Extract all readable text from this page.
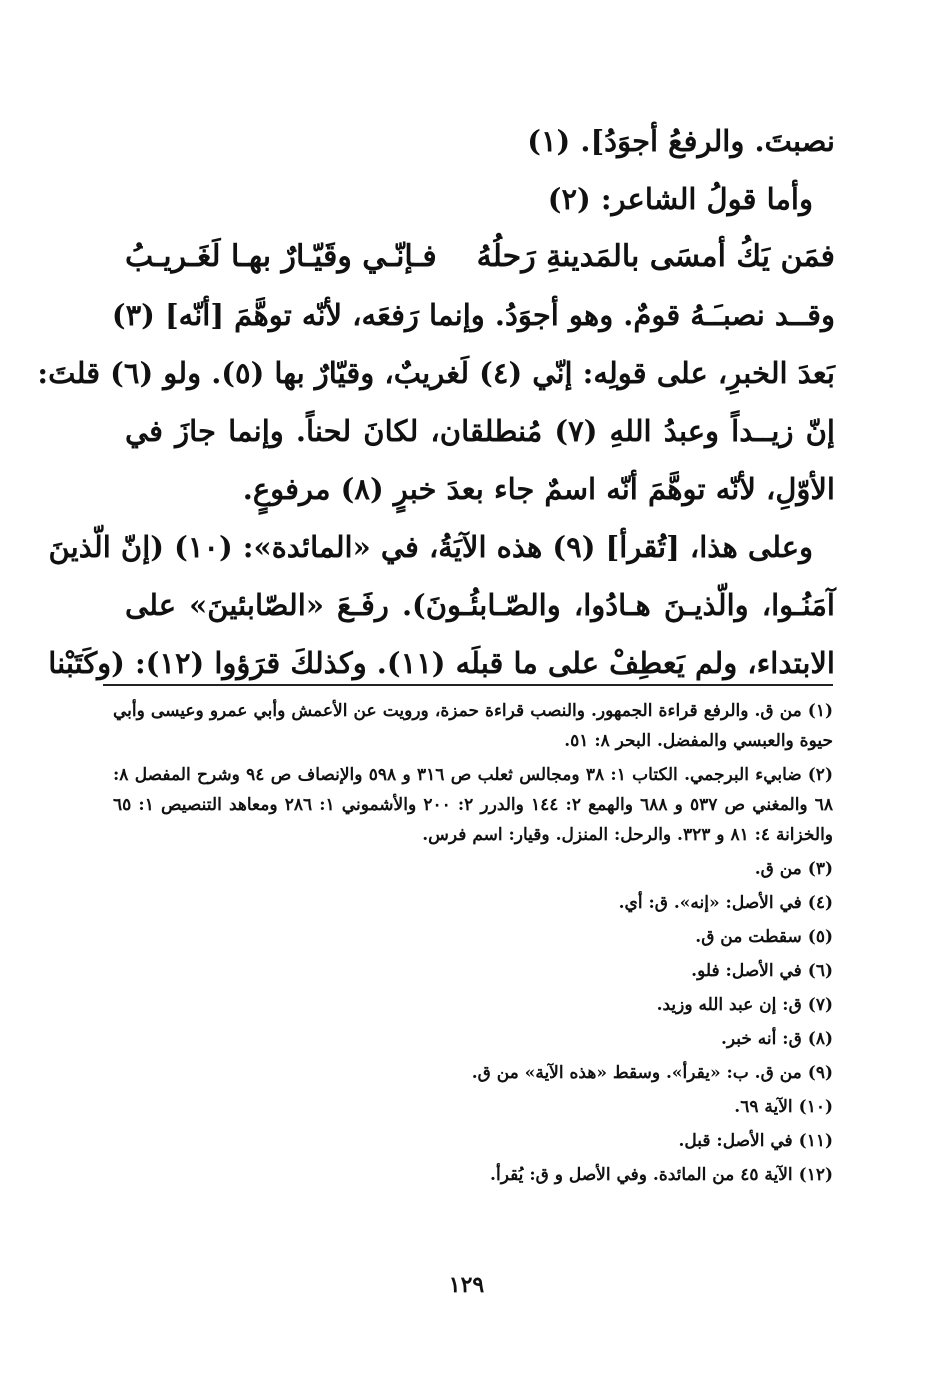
نصبتَ. والرفعُ أجوَدُ]. (١)
وأما قولُ الشاعر: (٢)
فمَن يَكُ أمسَى بالمَدينةِ رَحلُهُ
فـإنّـي وقَيّـارٌ بهـا لَغَـريـبُ
وقــد نصبـَـهُ قومٌ. وهو أجوَدُ. وإنما رَفعَه، لأنّه توهَّمَ [أنّه] (٣)
بَعدَ الخبرِ، على قولِه: إنّي (٤) لَغريبٌ، وقيّارٌ بها (٥). ولو (٦) قلتَ:
إنّ زيــداً وعبدُ اللهِ (٧) مُنطلقان، لكانَ لحناً. وإنما جازَ في
الأوّلِ، لأنّه توهَّمَ أنّه اسمٌ جاء بعدَ خبرٍ (٨) مرفوعٍ.
وعلى هذا، [تُقرأ] (٩) هذه الآيَةُ، في «المائدة»: (١٠) (إنّ الّذينَ
آمَنُـوا، والّذيـنَ هـادُوا، والصّـابئُـونَ). رفَـعَ «الصّابئينَ» على
الابتداء، ولم يَعطِفْ على ما قبلَه (١١). وكذلكَ قرَؤوا (١٢): (وكَتَبْنا
(١)من ق. والرفع قراءة الجمهور. والنصب قراءة حمزة، ورويت عن الأعمش وأبي عمرو وعيسى وأبي حيوة والعبسي والمفضل. البحر ٨: ٥١.
(٢)ضابيء البرجمي. الكتاب ١: ٣٨ ومجالس ثعلب ص ٣١٦ و ٥٩٨ والإنصاف ص ٩٤ وشرح المفصل ٨: ٦٨ والمغني ص ٥٣٧ و ٦٨٨ والهمع ٢: ١٤٤ والدرر ٢: ٢٠٠ والأشموني ١: ٢٨٦ ومعاهد التنصيص ١: ٦٥ والخزانة ٤: ٨١ و ٣٢٣. والرحل: المنزل. وقيار: اسم فرس.
(٣)من ق.
(٤)في الأصل: «إنه». ق: أي.
(٥)سقطت من ق.
(٦)في الأصل: فلو.
(٧)ق: إن عبد الله وزيد.
(٨)ق: أنه خبر.
(٩)من ق. ب: «يقرأ». وسقط «هذه الآية» من ق.
(١٠)الآية ٦٩.
(١١)في الأصل: قبل.
(١٢)الآية ٤٥ من المائدة. وفي الأصل و ق: يُقرأ.
١٢٩
